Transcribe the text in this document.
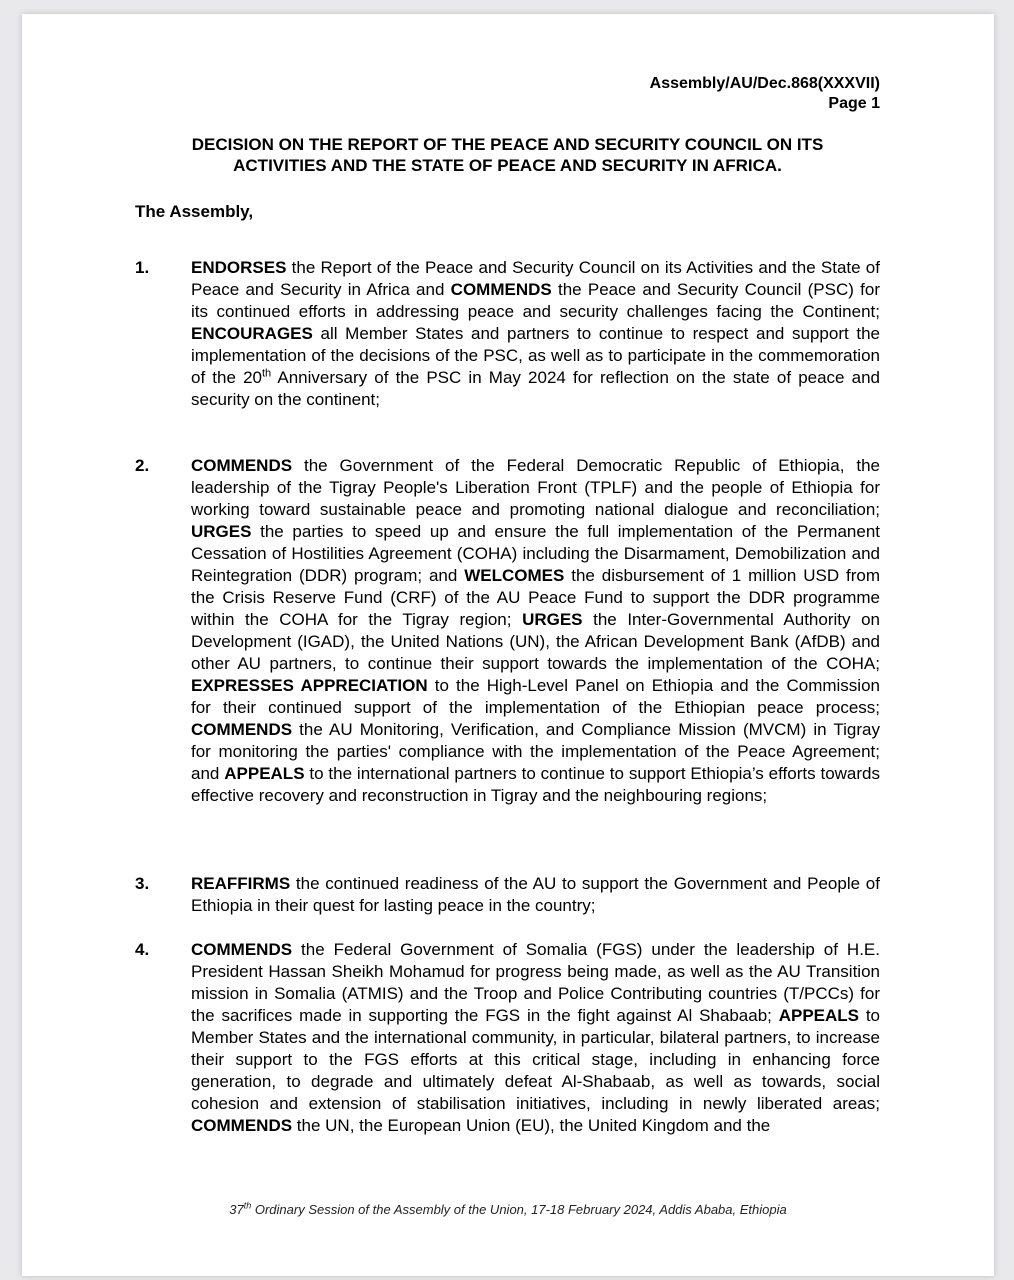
Assembly/AU/Dec.868(XXXVII)
Page 1
DECISION ON THE REPORT OF THE PEACE AND SECURITY COUNCIL ON ITS
ACTIVITIES AND THE STATE OF PEACE AND SECURITY IN AFRICA.
The Assembly,
1.	ENDORSES the Report of the Peace and Security Council on its Activities and the State of Peace and Security in Africa and COMMENDS the Peace and Security Council (PSC) for its continued efforts in addressing peace and security challenges facing the Continent; ENCOURAGES all Member States and partners to continue to respect and support the implementation of the decisions of the PSC, as well as to participate in the commemoration of the 20th Anniversary of the PSC in May 2024 for reflection on the state of peace and security on the continent;
2.	COMMENDS the Government of the Federal Democratic Republic of Ethiopia, the leadership of the Tigray People's Liberation Front (TPLF) and the people of Ethiopia for working toward sustainable peace and promoting national dialogue and reconciliation; URGES the parties to speed up and ensure the full implementation of the Permanent Cessation of Hostilities Agreement (COHA) including the Disarmament, Demobilization and Reintegration (DDR) program; and WELCOMES the disbursement of 1 million USD from the Crisis Reserve Fund (CRF) of the AU Peace Fund to support the DDR programme within the COHA for the Tigray region; URGES the Inter-Governmental Authority on Development (IGAD), the United Nations (UN), the African Development Bank (AfDB) and other AU partners, to continue their support towards the implementation of the COHA; EXPRESSES APPRECIATION to the High-Level Panel on Ethiopia and the Commission for their continued support of the implementation of the Ethiopian peace process; COMMENDS the AU Monitoring, Verification, and Compliance Mission (MVCM) in Tigray for monitoring the parties' compliance with the implementation of the Peace Agreement; and APPEALS to the international partners to continue to support Ethiopia’s efforts towards effective recovery and reconstruction in Tigray and the neighbouring regions;
3.	REAFFIRMS the continued readiness of the AU to support the Government and People of Ethiopia in their quest for lasting peace in the country;
4.	COMMENDS the Federal Government of Somalia (FGS) under the leadership of H.E. President Hassan Sheikh Mohamud for progress being made, as well as the AU Transition mission in Somalia (ATMIS) and the Troop and Police Contributing countries (T/PCCs) for the sacrifices made in supporting the FGS in the fight against Al Shabaab; APPEALS to Member States and the international community, in particular, bilateral partners, to increase their support to the FGS efforts at this critical stage, including in enhancing force generation, to degrade and ultimately defeat Al-Shabaab, as well as towards, social cohesion and extension of stabilisation initiatives, including in newly liberated areas; COMMENDS the UN, the European Union (EU), the United Kingdom and the
37th Ordinary Session of the Assembly of the Union, 17-18 February 2024, Addis Ababa, Ethiopia
